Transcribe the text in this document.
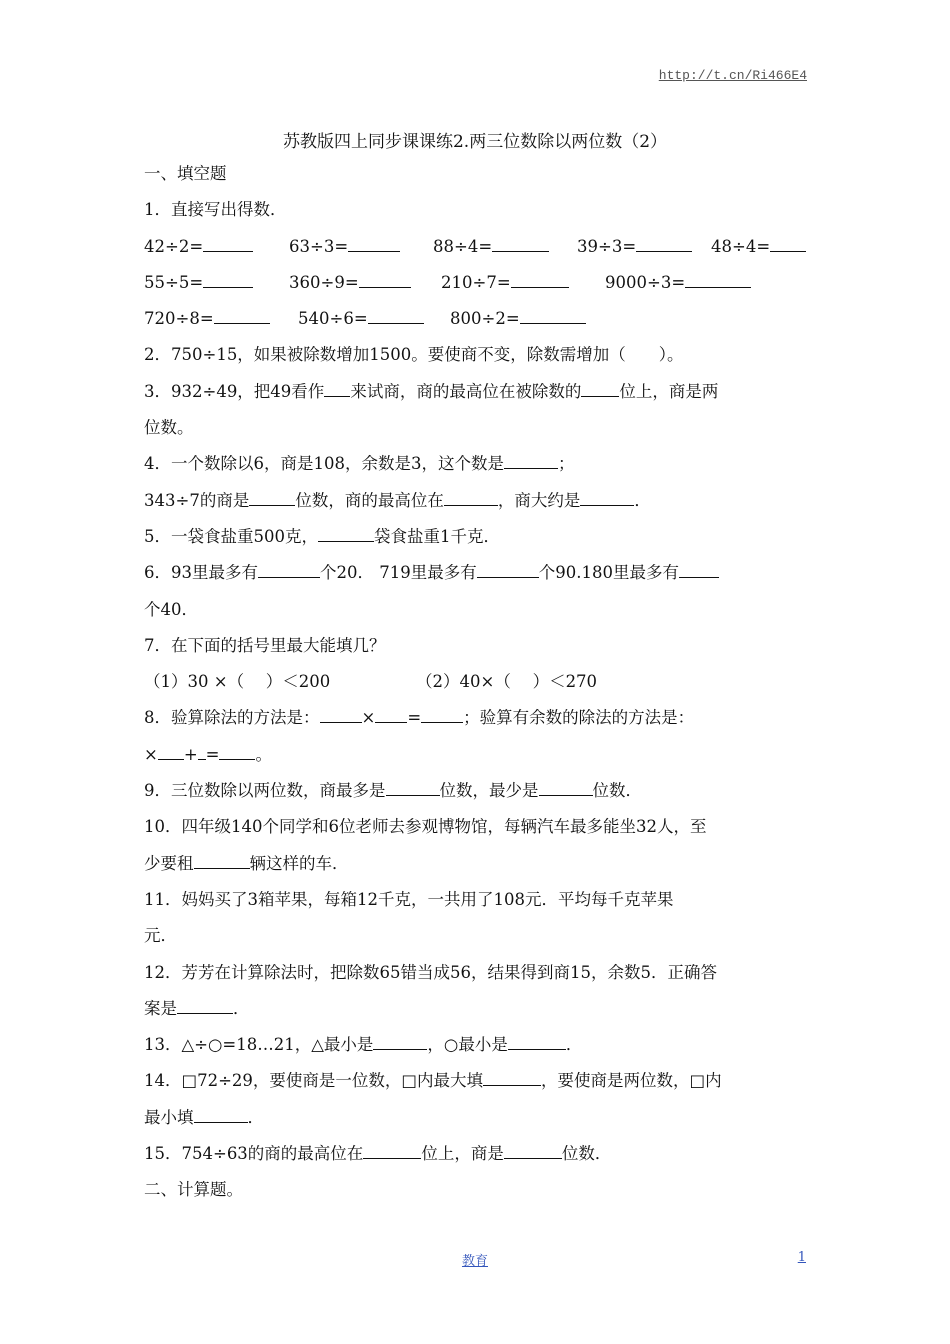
http://t.cn/Ri466E4
苏教版四上同步课课练2.两三位数除以两位数（2）
一、填空题
1．直接写出得数．
42÷2=	63÷3=	88÷4=	39÷3=	48÷4=
55÷5=	360÷9=	210÷7=	9000÷3=
720÷8=	540÷6=	800÷2=
2．750÷15，如果被除数增加1500。要使商不变，除数需增加（　　）。
3．932÷49，把49看作 来试商，商的最高位在被除数的 位上，商是两
位数。
4．一个数除以6，商是108，余数是3，这个数是	；
343÷7的商是	位数，商的最高位在	，商大约是	．
5．一袋食盐重500克，	袋食盐重1千克．
6．93里最多有	个20． 719里最多有	个90.180里最多有
个40．
7．在下面的括号里最大能填几？
（1）30 ×（　 ）＜200	（2）40×（　 ）＜270
8．验算除法的方法是：	× =	；验算有余数的除法的方法是：
× + = 。
9．三位数除以两位数，商最多是	位数，最少是	位数．
10．四年级140个同学和6位老师去参观博物馆，每辆汽车最多能坐32人，至
少要租	辆这样的车．
11．妈妈买了3箱苹果，每箱12千克，一共用了108元．平均每千克苹果
元．
12．芳芳在计算除法时，把除数65错当成56，结果得到商15，余数5．正确答
案是	．
13．△÷○=18…21，△最小是	，○最小是	．
14．□72÷29，要使商是一位数，□内最大填	，要使商是两位数，□内
最小填	．
15．754÷63的商的最高位在	位上，商是	位数．
二、计算题。
教育	1
